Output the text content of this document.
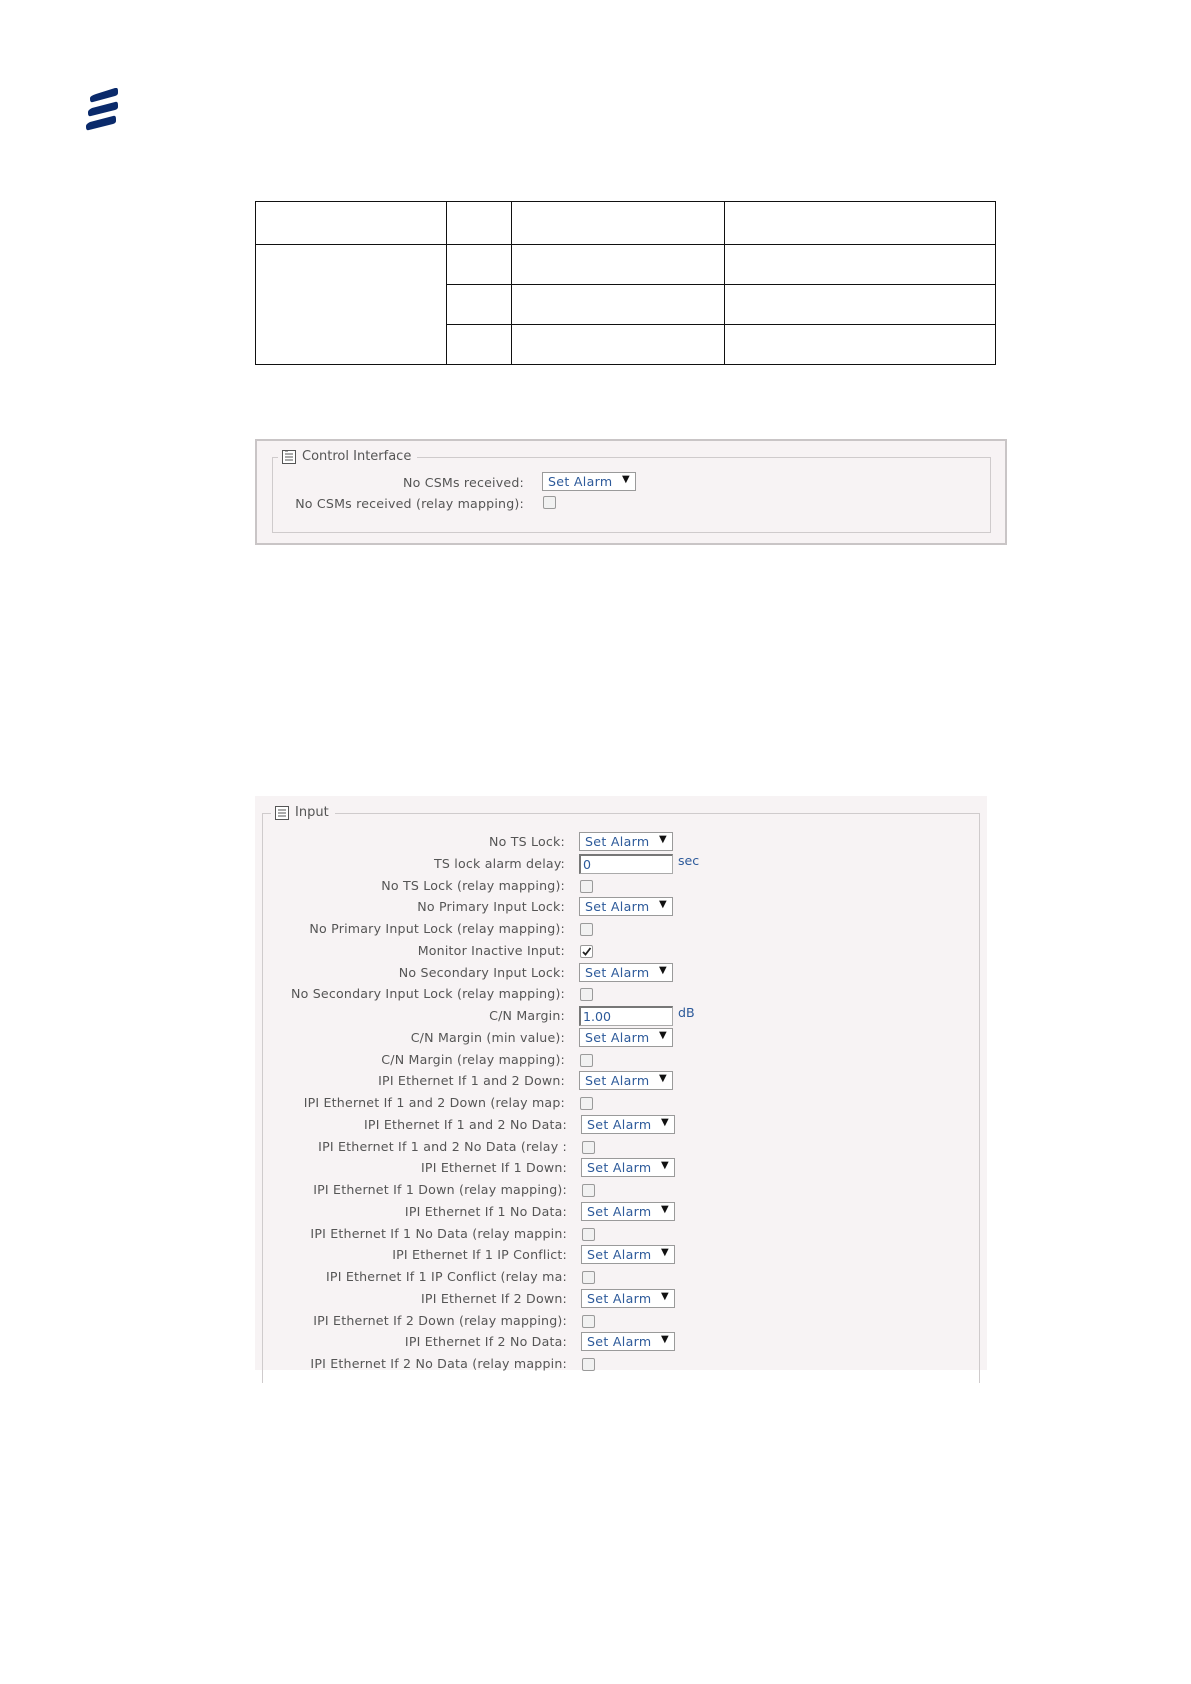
Control Interface
No CSMs received: Set Alarm ▼
No CSMs received (relay mapping):
Input
No TS Lock: Set Alarm ▼
TS lock alarm delay:	0	sec
No TS Lock (relay mapping):
No Primary Input Lock: Set Alarm ▼
No Primary Input Lock (relay mapping):
Monitor Inactive Input:
No Secondary Input Lock: Set Alarm ▼
No Secondary Input Lock (relay mapping):
C/N Margin:	1.00	dB
C/N Margin (min value): Set Alarm ▼
C/N Margin (relay mapping):
IPI Ethernet If 1 and 2 Down: Set Alarm ▼
IPI Ethernet If 1 and 2 Down (relay map:
IPI Ethernet If 1 and 2 No Data: Set Alarm ▼
IPI Ethernet If 1 and 2 No Data (relay :
IPI Ethernet If 1 Down: Set Alarm ▼
IPI Ethernet If 1 Down (relay mapping):
IPI Ethernet If 1 No Data: Set Alarm ▼
IPI Ethernet If 1 No Data (relay mappin:
IPI Ethernet If 1 IP Conflict: Set Alarm ▼
IPI Ethernet If 1 IP Conflict (relay ma:
IPI Ethernet If 2 Down: Set Alarm ▼
IPI Ethernet If 2 Down (relay mapping):
IPI Ethernet If 2 No Data: Set Alarm ▼
IPI Ethernet If 2 No Data (relay mappin:
